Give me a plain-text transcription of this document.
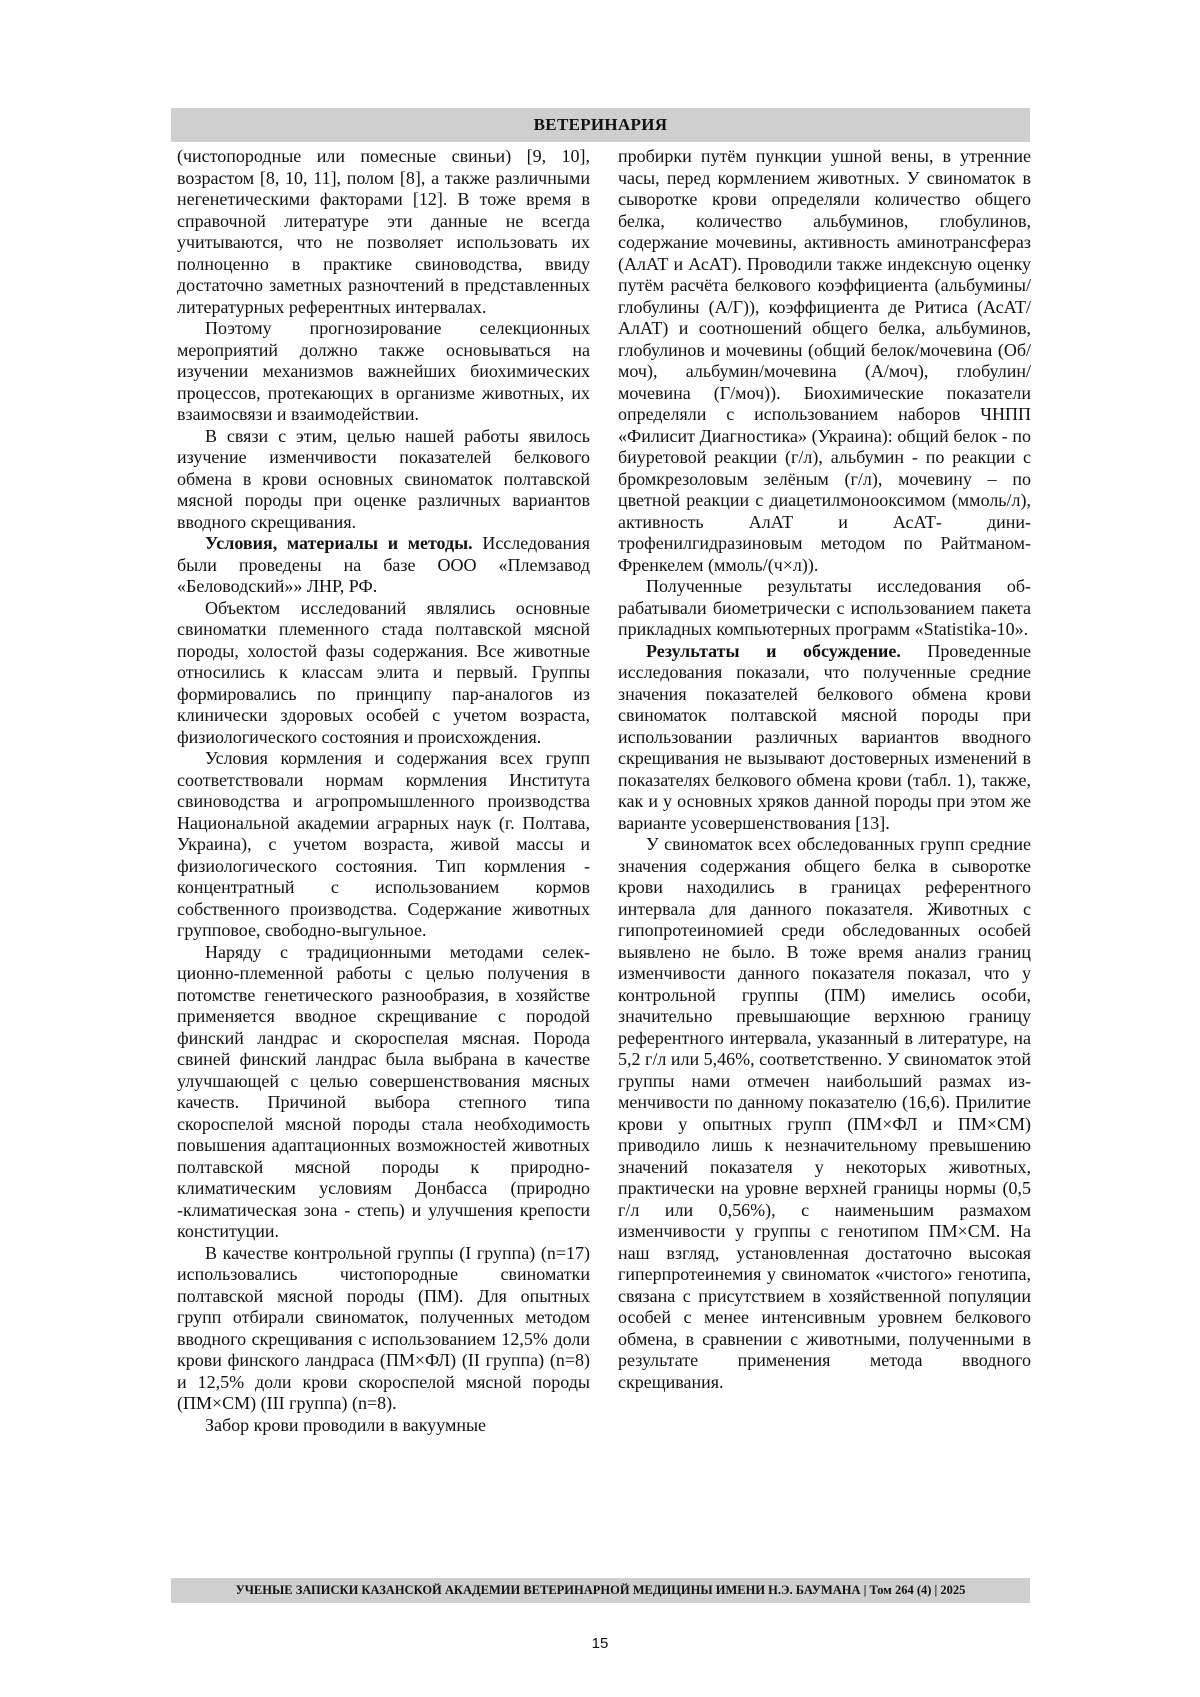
ВЕТЕРИНАРИЯ

(чистопородные или помесные свиньи) [9, 10], возрастом [8, 10, 11], полом [8], а также различными негенетическими факторами [12]. В тоже время в справочной литературе эти данные не всегда учитываются, что не позволяет использовать их полноценно в практике свиноводства, ввиду достаточно заметных разночтений в представленных литературных референтных интервалах.

Поэтому прогнозирование селекционных мероприятий должно также основываться на изучении механизмов важнейших биохимических процессов, протекающих в организме животных, их взаимосвязи и взаимодействии.

В связи с этим, целью нашей работы явилось изучение изменчивости показателей белкового обмена в крови основных свиноматок полтавской мясной породы при оценке различных вариантов вводного скрещивания.

Условия, материалы и методы. Исследования были проведены на базе ООО «Племзавод «Беловодский»» ЛНР, РФ.

Объектом исследований являлись основные свиноматки племенного стада полтавской мясной породы, холостой фазы содержания. Все животные относились к классам элита и первый. Группы формировались по принципу пар-аналогов из клинически здоровых особей с учетом возраста, физиологического состояния и происхождения.

Условия кормления и содержания всех групп соответствовали нормам кормления Института свиноводства и агропромышленного производства Национальной академии аграрных наук (г. Полтава, Украина), с учетом возраста, живой массы и физиологического состояния. Тип кормления - концентратный с использованием кормов собственного производства. Содержание животных групповое, свободно-выгульное.

Наряду с традиционными методами селекционно-племенной работы с целью получения в потомстве генетического разнообразия, в хозяйстве применяется вводное скрещивание с породой финский ландрас и скороспелая мясная. Порода свиней финский ландрас была выбрана в качестве улучшающей с целью совершенствования мясных качеств. Причиной выбора степного типа скороспелой мясной породы стала необходимость повышения адаптационных возможностей животных полтавской мясной породы к природно-климатическим условиям Донбасса (природно -климатическая зона - степь) и улучшения крепости конституции.

В качестве контрольной группы (I группа) (n=17) использовались чистопородные свиноматки полтавской мясной породы (ПМ). Для опытных групп отбирали свиноматок, полученных методом вводного скрещивания с использованием 12,5% доли крови финского ландраса (ПМ×ФЛ) (II группа) (n=8) и 12,5% доли крови скороспелой мясной породы (ПМ×СМ) (III группа) (n=8).

Забор крови проводили в вакуумные

пробирки путём пункции ушной вены, в утренние часы, перед кормлением животных. У свиноматок в сыворотке крови определяли количество общего белка, количество альбуминов, глобулинов, содержание мочевины, активность аминотрансфераз (АлАТ и АсАТ). Проводили также индексную оценку путём расчёта белкового коэффициента (альбумины/ глобулины (А/Г)), коэффициента де Ритиса (АсАТ/АлАТ) и соотношений общего белка, альбуминов, глобулинов и мочевины (общий белок/мочевина (Об/моч), альбумин/мочевина (А/моч), глобулин/мочевина (Г/моч)). Биохимические показатели определяли с использованием наборов ЧНПП «Филисит Диагностика» (Украина): общий белок - по биуретовой реакции (г/л), альбумин - по реакции с бромкрезоловым зелёным (г/л), мочевину – по цветной реакции с диацетилмонооксимом (ммоль/л), активность АлАТ и АсАТ- динитрофенилгидразиновым методом по Райтманом-Френкелем (ммоль/(ч×л)).

Полученные результаты исследования обрабатывали биометрически с использованием пакета прикладных компьютерных программ «Statistika-10».

Результаты и обсуждение. Проведенные исследования показали, что полученные средние значения показателей белкового обмена крови свиноматок полтавской мясной породы при использовании различных вариантов вводного скрещивания не вызывают достоверных изменений в показателях белкового обмена крови (табл. 1), также, как и у основных хряков данной породы при этом же варианте усовершенствования [13].

У свиноматок всех обследованных групп средние значения содержания общего белка в сыворотке крови находились в границах референтного интервала для данного показателя. Животных с гипопротеиномией среди обследованных особей выявлено не было. В тоже время анализ границ изменчивости данного показателя показал, что у контрольной группы (ПМ) имелись особи, значительно превышающие верхнюю границу референтного интервала, указанный в литературе, на 5,2 г/л или 5,46%, соответственно. У свиноматок этой группы нами отмечен наибольший размах изменчивости по данному показателю (16,6). Прилитие крови у опытных групп (ПМ×ФЛ и ПМ×СМ) приводило лишь к незначительному превышению значений показателя у некоторых животных, практически на уровне верхней границы нормы (0,5 г/л или 0,56%), с наименьшим размахом изменчивости у группы с генотипом ПМ×СМ. На наш взгляд, установленная достаточно высокая гиперпротеинемия у свиноматок «чистого» генотипа, связана с присутствием в хозяйственной популяции особей с менее интенсивным уровнем белкового обмена, в сравнении с животными, полученными в результате применения метода вводного скрещивания.

УЧЕНЫЕ ЗАПИСКИ КАЗАНСКОЙ АКАДЕМИИ ВЕТЕРИНАРНОЙ МЕДИЦИНЫ ИМЕНИ Н.Э. БАУМАНА | Том 264 (4) | 2025
15
